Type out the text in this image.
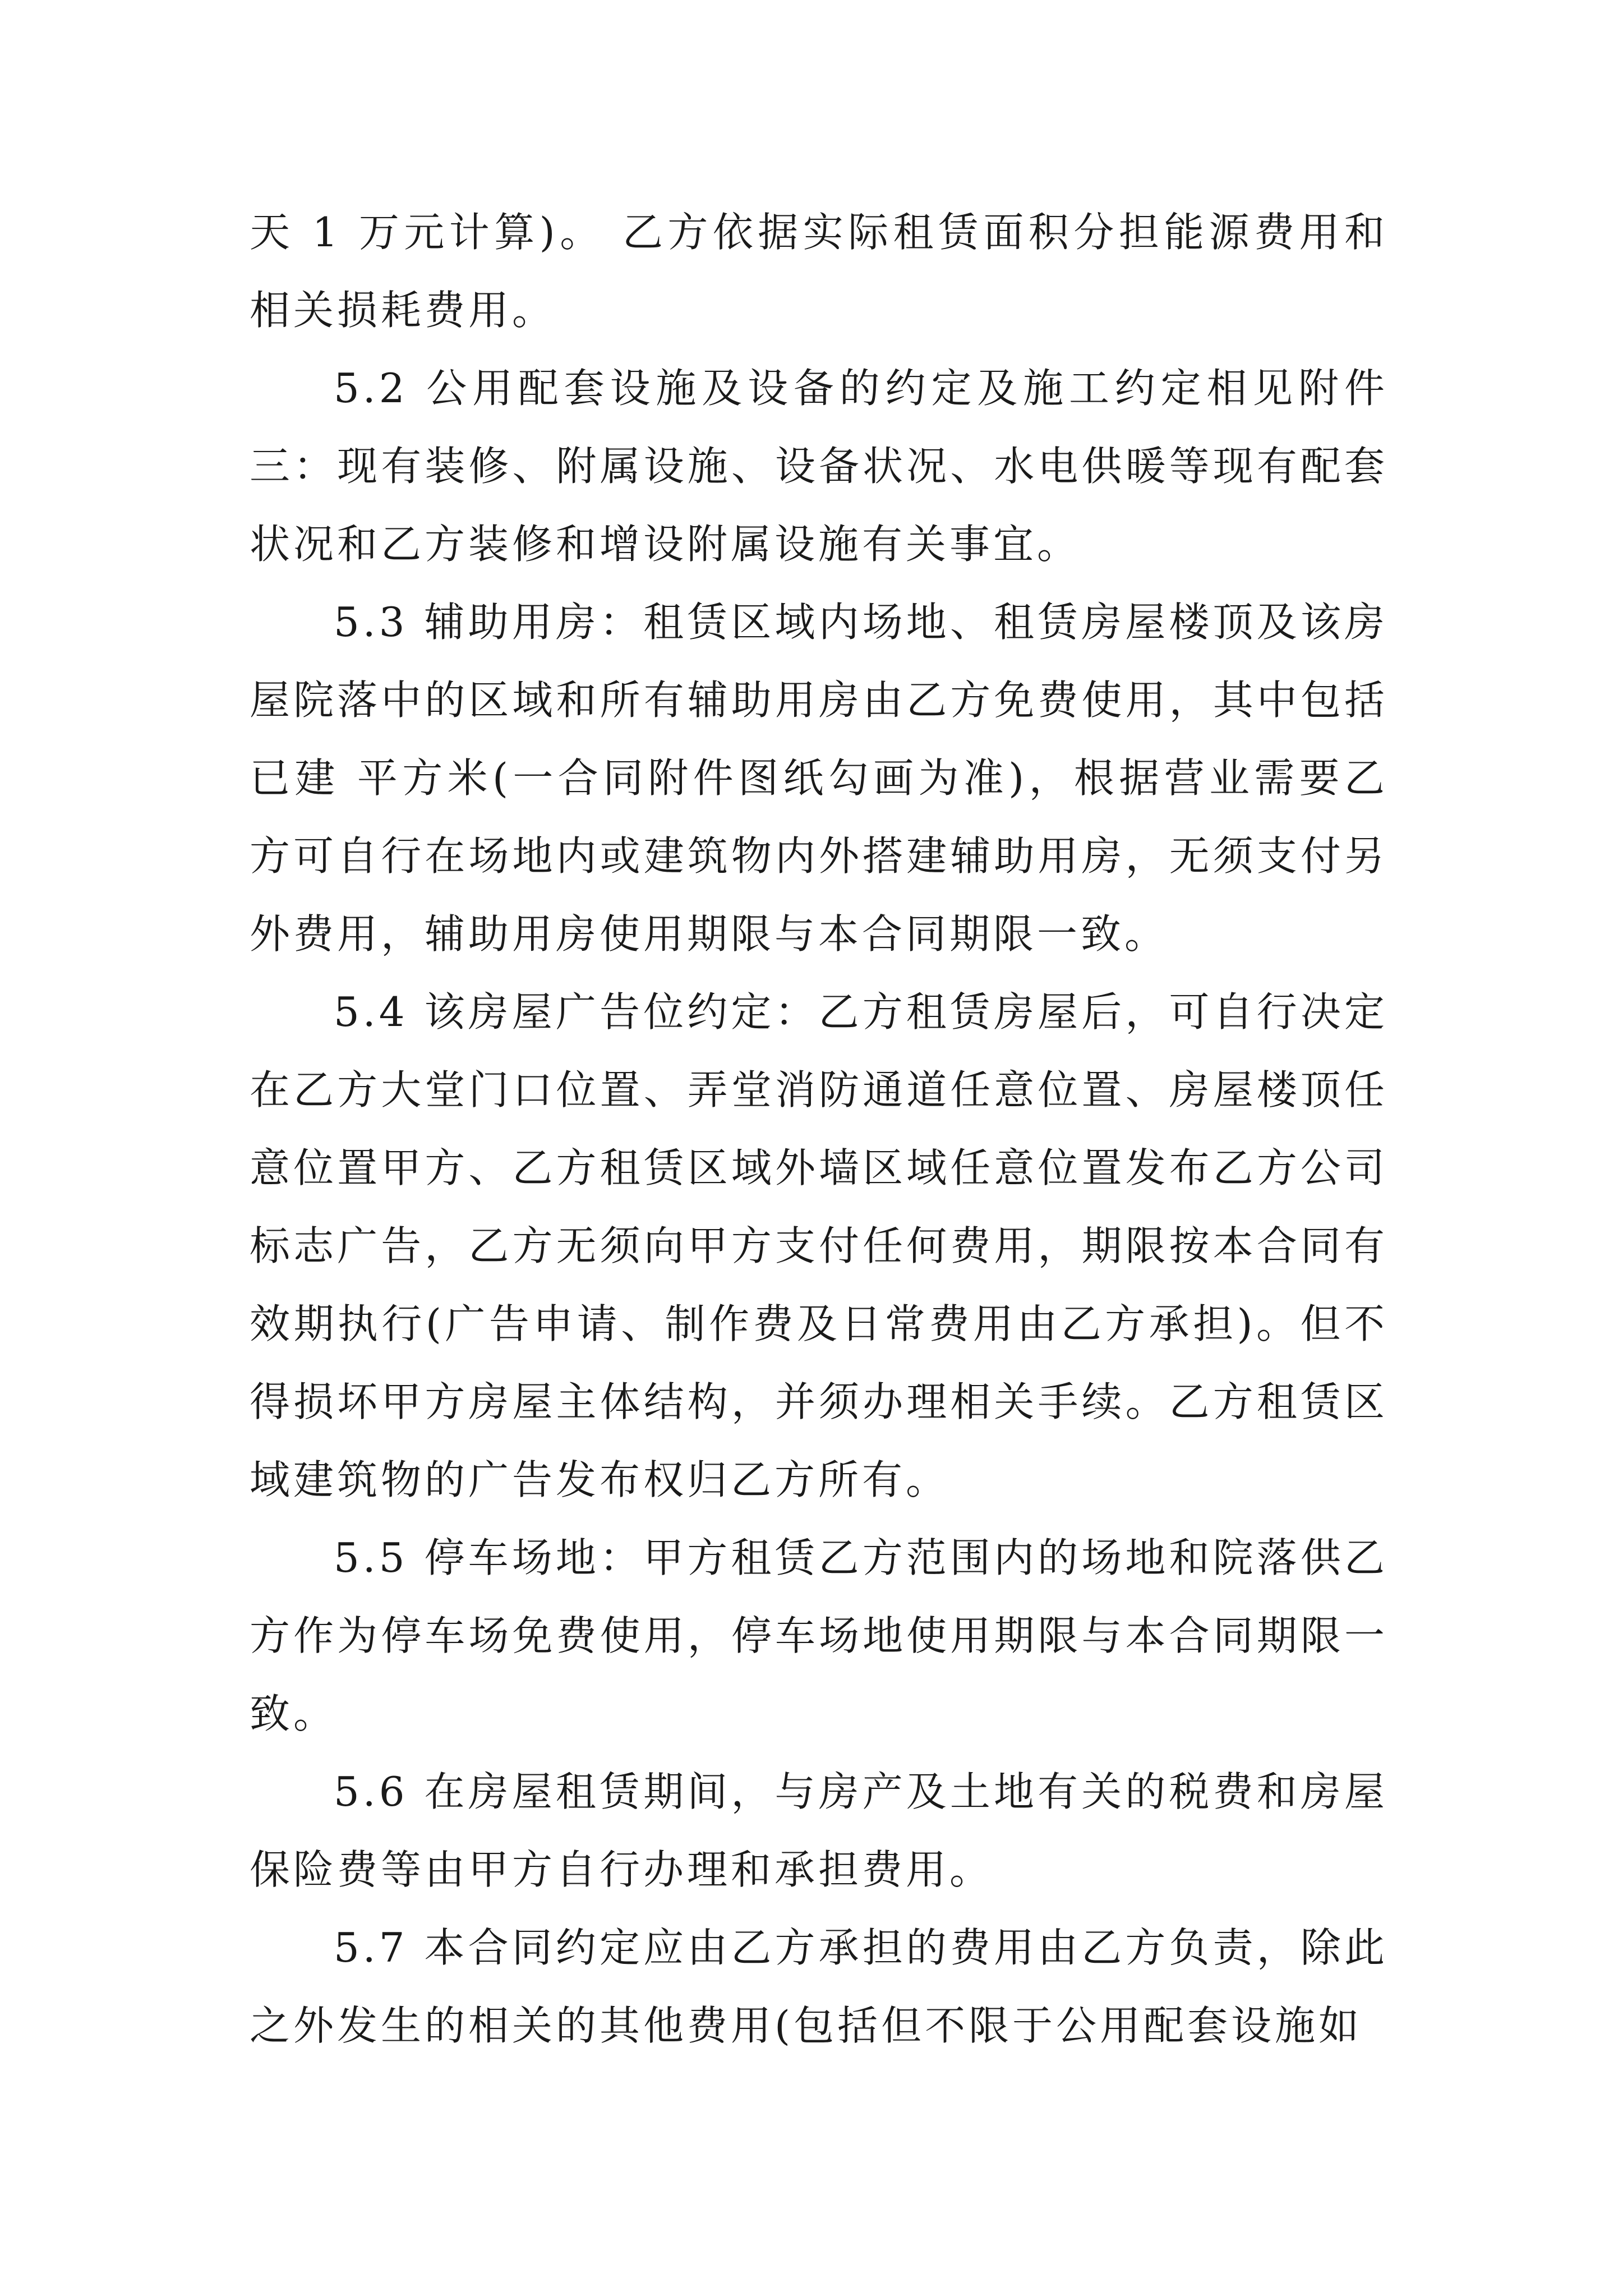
天 1 万元计算)。 乙方依据实际租赁面积分担能源费用和相关损耗费用。

5.2 公用配套设施及设备的约定及施工约定相见附件三：现有装修、附属设施、设备状况、水电供暖等现有配套状况和乙方装修和增设附属设施有关事宜。

5.3 辅助用房：租赁区域内场地、租赁房屋楼顶及该房屋院落中的区域和所有辅助用房由乙方免费使用，其中包括已建 平方米(一合同附件图纸勾画为准)，根据营业需要乙方可自行在场地内或建筑物内外搭建辅助用房，无须支付另外费用，辅助用房使用期限与本合同期限一致。

5.4 该房屋广告位约定：乙方租赁房屋后，可自行决定在乙方大堂门口位置、弄堂消防通道任意位置、房屋楼顶任意位置甲方、乙方租赁区域外墙区域任意位置发布乙方公司标志广告，乙方无须向甲方支付任何费用，期限按本合同有效期执行(广告申请、制作费及日常费用由乙方承担)。但不得损坏甲方房屋主体结构，并须办理相关手续。乙方租赁区域建筑物的广告发布权归乙方所有。

5.5 停车场地：甲方租赁乙方范围内的场地和院落供乙方作为停车场免费使用，停车场地使用期限与本合同期限一致。

5.6 在房屋租赁期间，与房产及土地有关的税费和房屋保险费等由甲方自行办理和承担费用。

5.7 本合同约定应由乙方承担的费用由乙方负责，除此之外发生的相关的其他费用(包括但不限于公用配套设施如
